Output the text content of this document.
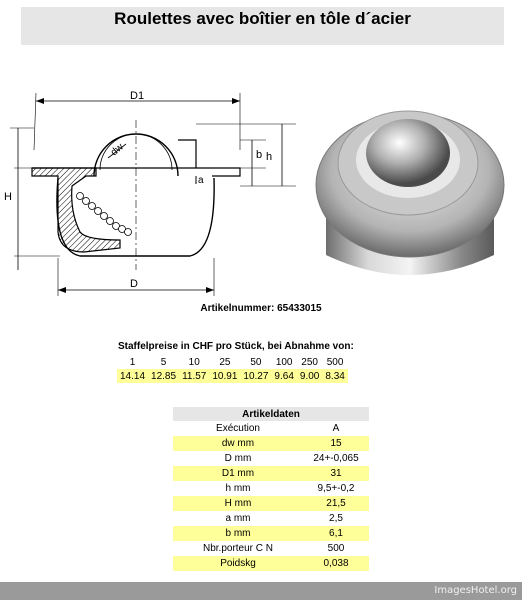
Roulettes avec boîtier en tôle d´acier
D1
H
dw
a
b h
D
Artikelnummer: 65433015
Staffelpreise in CHF pro Stück, bei Abnahme von:
1	5	10	25	50	100	250	500
14.14	12.85	11.57	10.91	10.27	9.64	9.00	8.34
Artikeldaten	
Exécution	A
dw mm	15
D mm	24+-0,065
D1 mm	31
h mm	9,5+-0,2
H mm	21,5
a mm	2,5
b mm	6,1
Nbr.porteur C N	500
Poidskg	0,038
ImagesHotel.org
